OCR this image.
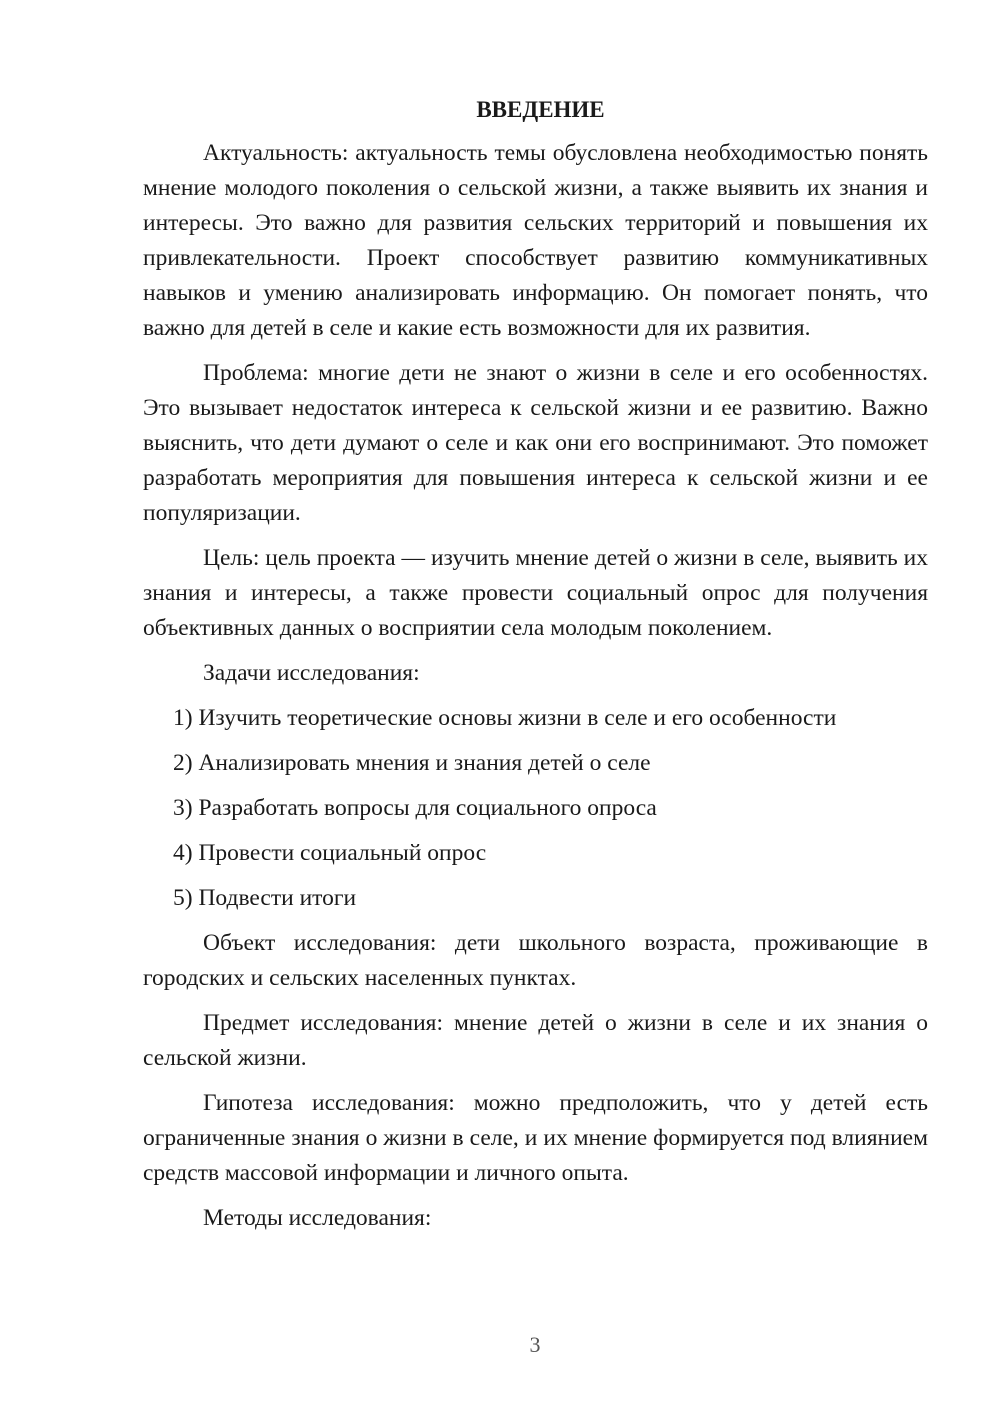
ВВЕДЕНИЕ

Актуальность: актуальность темы обусловлена необходимостью понять мнение молодого поколения о сельской жизни, а также выявить их знания и интересы. Это важно для развития сельских территорий и повышения их привлекательности. Проект способствует развитию коммуникативных навыков и умению анализировать информацию. Он помогает понять, что важно для детей в селе и какие есть возможности для их развития.

Проблема: многие дети не знают о жизни в селе и его особенностях. Это вызывает недостаток интереса к сельской жизни и ее развитию. Важно выяснить, что дети думают о селе и как они его воспринимают. Это поможет разработать мероприятия для повышения интереса к сельской жизни и ее популяризации.

Цель: цель проекта — изучить мнение детей о жизни в селе, выявить их знания и интересы, а также провести социальный опрос для получения объективных данных о восприятии села молодым поколением.

Задачи исследования:

1) Изучить теоретические основы жизни в селе и его особенности
2) Анализировать мнения и знания детей о селе
3) Разработать вопросы для социального опроса
4) Провести социальный опрос
5) Подвести итоги

Объект исследования: дети школьного возраста, проживающие в городских и сельских населенных пунктах.

Предмет исследования: мнение детей о жизни в селе и их знания о сельской жизни.

Гипотеза исследования: можно предположить, что у детей есть ограниченные знания о жизни в селе, и их мнение формируется под влиянием средств массовой информации и личного опыта.

Методы исследования:

3
